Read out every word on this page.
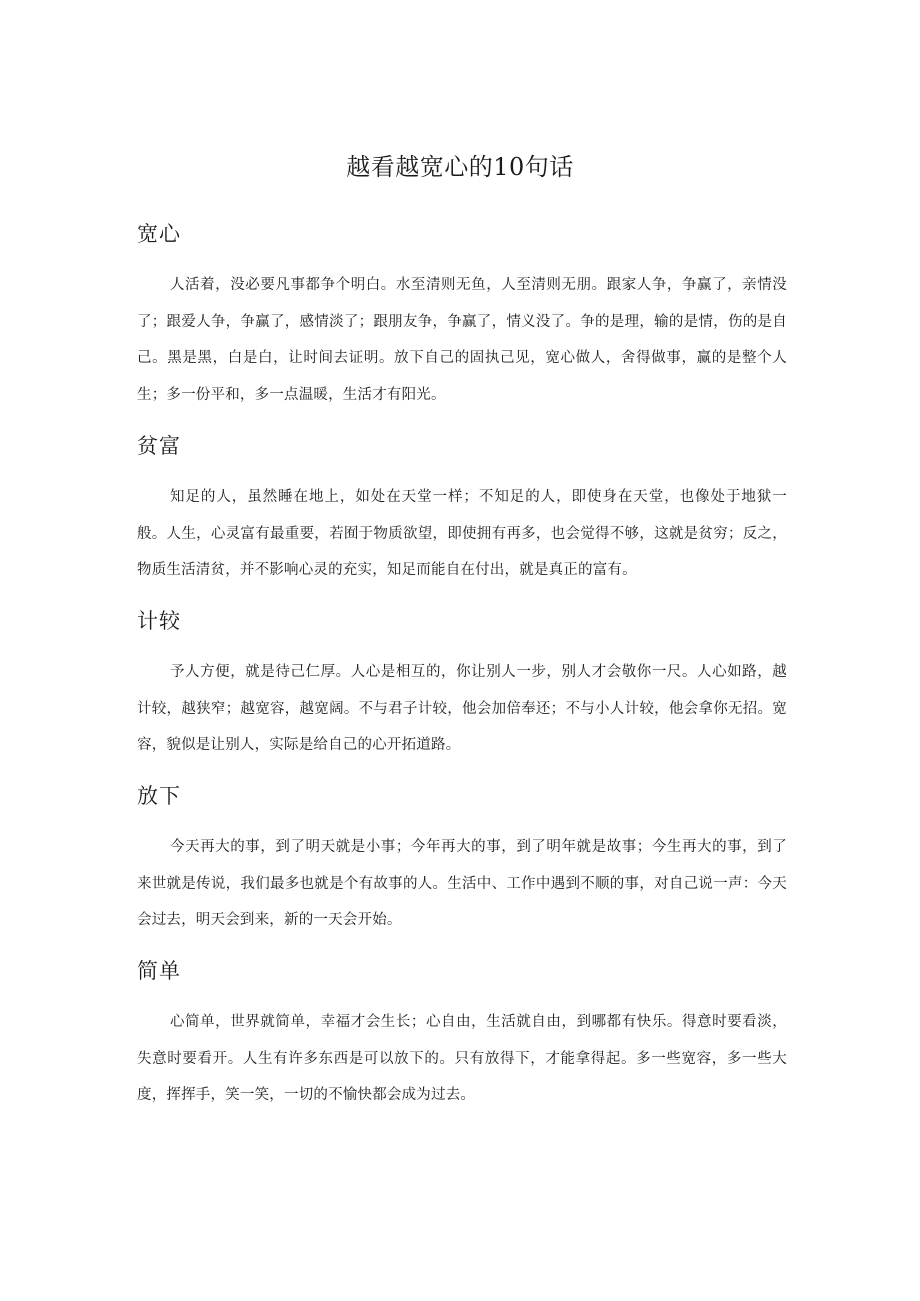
越看越宽心的10句话
宽心

人活着，没必要凡事都争个明白。水至清则无鱼，人至清则无朋。跟家人争，争赢了，亲情没了；跟爱人争，争赢了，感情淡了；跟朋友争，争赢了，情义没了。争的是理，输的是情，伤的是自己。黑是黑，白是白，让时间去证明。放下自己的固执己见，宽心做人，舍得做事，赢的是整个人生；多一份平和，多一点温暖，生活才有阳光。

贫富

知足的人，虽然睡在地上，如处在天堂一样；不知足的人，即使身在天堂，也像处于地狱一般。人生，心灵富有最重要，若囿于物质欲望，即使拥有再多，也会觉得不够，这就是贫穷；反之，物质生活清贫，并不影响心灵的充实，知足而能自在付出，就是真正的富有。

计较

予人方便，就是待己仁厚。人心是相互的，你让别人一步，别人才会敬你一尺。人心如路，越计较，越狭窄；越宽容，越宽阔。不与君子计较，他会加倍奉还；不与小人计较，他会拿你无招。宽容，貌似是让别人，实际是给自己的心开拓道路。

放下

今天再大的事，到了明天就是小事；今年再大的事，到了明年就是故事；今生再大的事，到了来世就是传说，我们最多也就是个有故事的人。生活中、工作中遇到不顺的事，对自己说一声：今天会过去，明天会到来，新的一天会开始。

简单

心简单，世界就简单，幸福才会生长；心自由，生活就自由，到哪都有快乐。得意时要看淡，失意时要看开。人生有许多东西是可以放下的。只有放得下，才能拿得起。多一些宽容，多一些大度，挥挥手，笑一笑，一切的不愉快都会成为过去。
